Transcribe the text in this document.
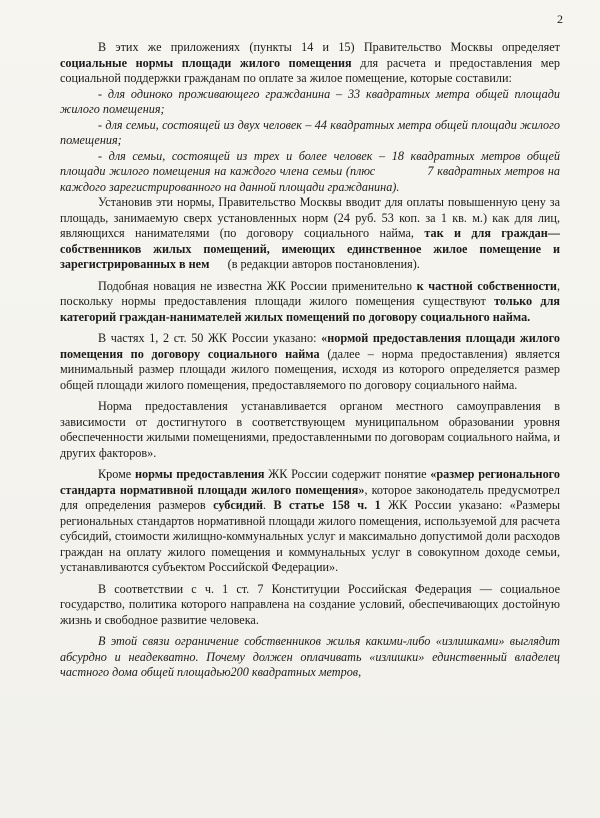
2

В этих же приложениях (пункты 14 и 15) Правительство Москвы определяет социальные нормы площади жилого помещения для расчета и предоставления мер социальной поддержки гражданам по оплате за жилое помещение, которые составили:

- для одиноко проживающего гражданина – 33 квадратных метра общей площади жилого помещения;
- для семьи, состоящей из двух человек – 44 квадратных метра общей площади жилого помещения;
- для семьи, состоящей из трех и более человек – 18 квадратных метров общей площади жилого помещения на каждого члена семьи (плюс              7 квадратных метров на каждого зарегистрированного на данной площади гражданина).

Установив эти нормы, Правительство Москвы вводит для оплаты повышенную цену за площадь, занимаемую сверх установленных норм (24 руб. 53 коп. за 1 кв. м.) как для лиц, являющихся нанимателями (по договору социального найма, так и для граждан—собственников жилых помещений, имеющих единственное жилое помещение и зарегистрированных в нем      (в редакции авторов постановления).

Подобная новация не известна ЖК России применительно к частной собственности, поскольку нормы предоставления площади жилого помещения существуют только для категорий граждан-нанимателей жилых помещений по договору социального найма.

В частях 1, 2 ст. 50 ЖК России указано: «нормой предоставления площади жилого помещения по договору социального найма (далее – норма предоставления) является минимальный размер площади жилого помещения, исходя из которого определяется размер общей площади жилого помещения, предоставляемого по договору социального найма.

Норма предоставления устанавливается органом местного самоуправления в зависимости от достигнутого в соответствующем муниципальном образовании уровня обеспеченности жилыми помещениями, предоставленными по договорам социального найма, и других факторов».

Кроме нормы предоставления ЖК России содержит понятие «размер регионального стандарта нормативной площади жилого помещения», которое законодатель предусмотрел для определения размеров субсидий. В статье 158 ч. 1 ЖК России указано: «Размеры региональных стандартов нормативной площади жилого помещения, используемой для расчета субсидий, стоимости жилищно-коммунальных услуг и максимально допустимой доли расходов граждан на оплату жилого помещения и коммунальных услуг в совокупном доходе семьи, устанавливаются субъектом Российской Федерации».

В соответствии с ч. 1 ст. 7 Конституции Российская Федерация — социальное государство, политика которого направлена на создание условий, обеспечивающих достойную жизнь и свободное развитие человека.

В этой связи ограничение собственников жилья какими-либо «излишками» выглядит абсурдно и неадекватно. Почему должен оплачивать «излишки» единственный владелец частного дома общей площадью200 квадратных метров,
